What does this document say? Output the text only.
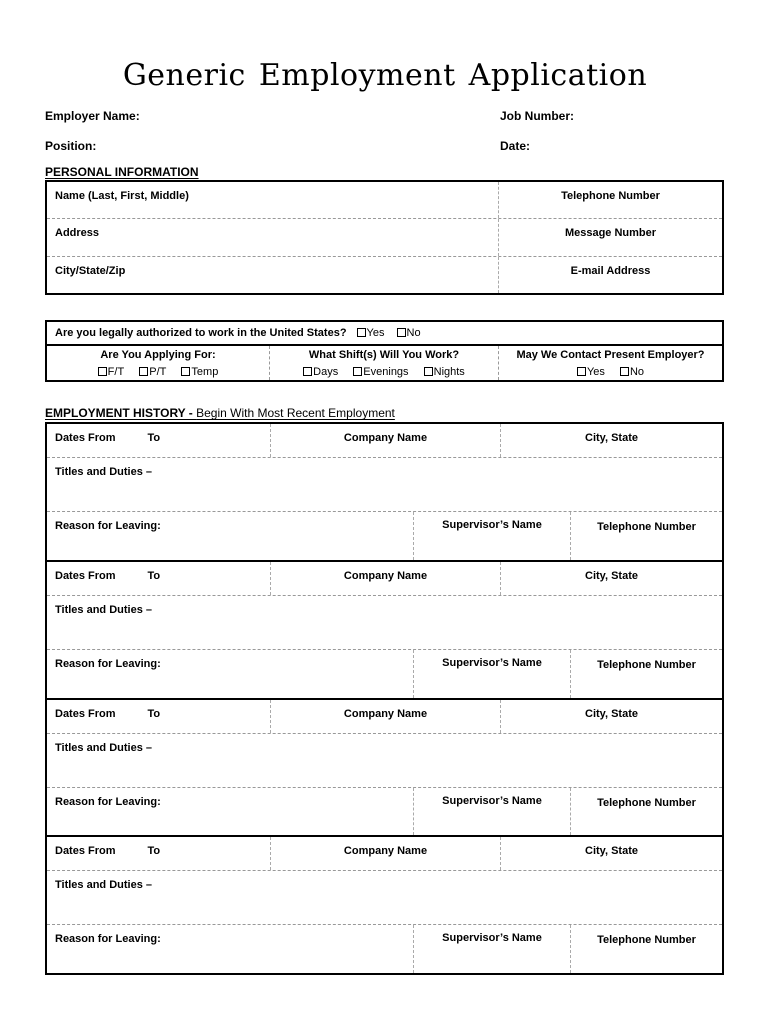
Generic Employment Application
Employer Name:	Job Number:
Position:	Date:
PERSONAL INFORMATION
Name (Last, First, Middle)	Telephone Number
Address	Message Number
City/State/Zip	E-mail Address
Are you legally authorized to work in the United States?	Yes	No
Are You Applying For:
F/T P/T Temp
What Shift(s) Will You Work?
Days Evenings Nights
May We Contact Present Employer?
Yes No
EMPLOYMENT HISTORY - Begin With Most Recent Employment
Dates From	To	Company Name	City, State
Titles and Duties –
Reason for Leaving:	Supervisor’s Name	Telephone Number
Dates From	To	Company Name	City, State
Titles and Duties –
Reason for Leaving:	Supervisor’s Name	Telephone Number
Dates From	To	Company Name	City, State
Titles and Duties –
Reason for Leaving:	Supervisor’s Name	Telephone Number
Dates From	To	Company Name	City, State
Titles and Duties –
Reason for Leaving:	Supervisor’s Name	Telephone Number
